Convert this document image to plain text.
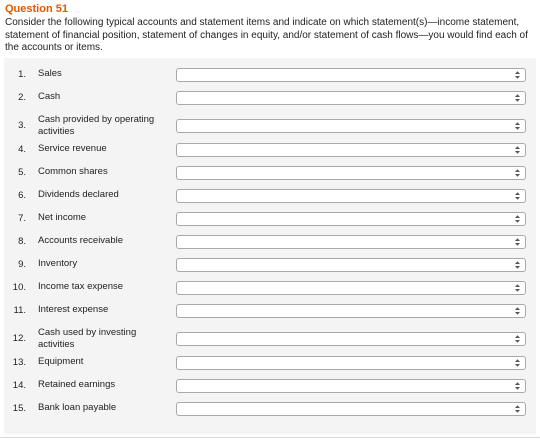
Question 51
Consider the following typical accounts and statement items and indicate on which statement(s)—income statement, statement of financial position, statement of changes in equity, and/or statement of cash flows—you would find each of the accounts or items.
1. Sales
2. Cash
3.
Cash provided by operating activities
4. Service revenue
5. Common shares
6. Dividends declared
7. Net income
8. Accounts receivable
9. Inventory
10. Income tax expense
11. Interest expense
12.
Cash used by investing activities
13. Equipment
14. Retained earnings
15. Bank loan payable
